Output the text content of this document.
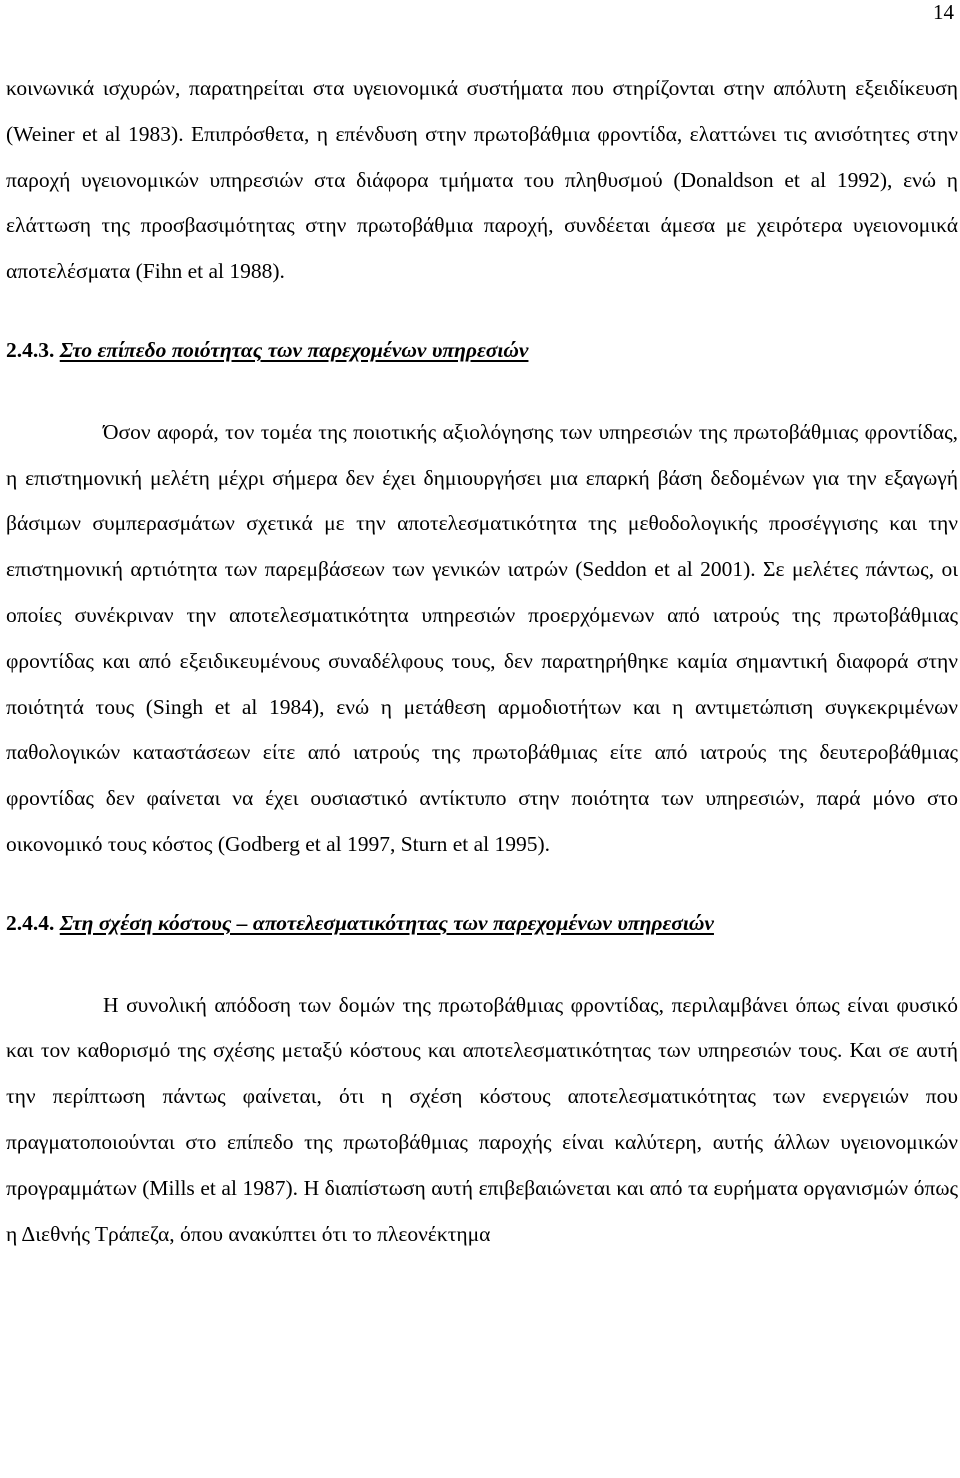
14

κοινωνικά ισχυρών, παρατηρείται στα υγειονομικά συστήματα που στηρίζονται στην απόλυτη εξειδίκευση (Weiner et al 1983). Επιπρόσθετα, η επένδυση στην πρωτοβάθμια φροντίδα, ελαττώνει τις ανισότητες στην παροχή υγειονομικών υπηρεσιών στα διάφορα τμήματα του πληθυσμού (Donaldson et al 1992), ενώ η ελάττωση της προσβασιμότητας στην πρωτοβάθμια παροχή, συνδέεται άμεσα με χειρότερα υγειονομικά αποτελέσματα (Fihn et al 1988).

2.4.3. Στο επίπεδο ποιότητας των παρεχομένων υπηρεσιών

Όσον αφορά, τον τομέα της ποιοτικής αξιολόγησης των υπηρεσιών της πρωτοβάθμιας φροντίδας, η επιστημονική μελέτη μέχρι σήμερα δεν έχει δημιουργήσει μια επαρκή βάση δεδομένων για την εξαγωγή βάσιμων συμπερασμάτων σχετικά με την αποτελεσματικότητα της μεθοδολογικής προσέγγισης και την επιστημονική αρτιότητα των παρεμβάσεων των γενικών ιατρών (Seddon et al 2001). Σε μελέτες πάντως, οι οποίες συνέκριναν την αποτελεσματικότητα υπηρεσιών προερχόμενων από ιατρούς της πρωτοβάθμιας φροντίδας και από εξειδικευμένους συναδέλφους τους, δεν παρατηρήθηκε καμία σημαντική διαφορά στην ποιότητά τους (Singh et al 1984), ενώ η μετάθεση αρμοδιοτήτων και η αντιμετώπιση συγκεκριμένων παθολογικών καταστάσεων είτε από ιατρούς της πρωτοβάθμιας είτε από ιατρούς της δευτεροβάθμιας φροντίδας δεν φαίνεται να έχει ουσιαστικό αντίκτυπο στην ποιότητα των υπηρεσιών, παρά μόνο στο οικονομικό τους κόστος (Godberg et al 1997, Sturn et al 1995).

2.4.4. Στη σχέση κόστους – αποτελεσματικότητας των παρεχομένων υπηρεσιών

Η συνολική απόδοση των δομών της πρωτοβάθμιας φροντίδας, περιλαμβάνει όπως είναι φυσικό και τον καθορισμό της σχέσης μεταξύ κόστους και αποτελεσματικότητας των υπηρεσιών τους. Και σε αυτή την περίπτωση πάντως φαίνεται, ότι η σχέση κόστους αποτελεσματικότητας των ενεργειών που πραγματοποιούνται στο επίπεδο της πρωτοβάθμιας παροχής είναι καλύτερη, αυτής άλλων υγειονομικών προγραμμάτων (Mills et al 1987). Η διαπίστωση αυτή επιβεβαιώνεται και από τα ευρήματα οργανισμών όπως η Διεθνής Τράπεζα, όπου ανακύπτει ότι το πλεονέκτημα
